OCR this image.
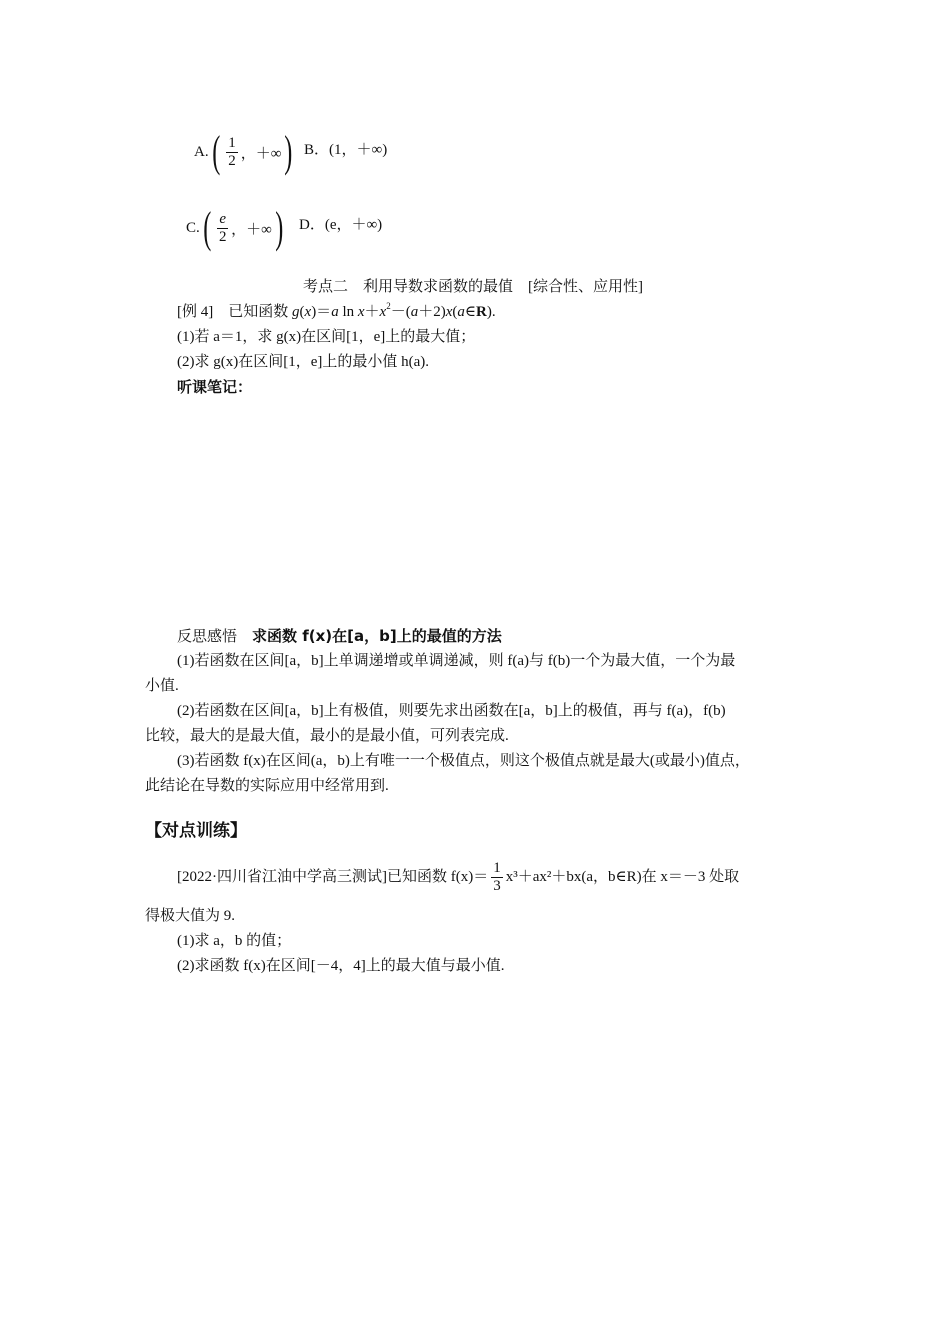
A. ( $\frac{1}{2}$ ，＋∞ ) B．(1，＋∞)
C. ( $\frac{e}{2}$ ，＋∞ ) D．(e，＋∞)
考点二　利用导数求函数的最值　[综合性、应用性]
[例 4]  已知函数 g(x)＝a $\ln x+x^2-(a+2)x(a\in R)$.
(1)若 a＝1，求 g(x)在区间[1，e]上的最大值；
(2)求 g(x)在区间[1，e]上的最小值 h(a).
听课笔记：
反思感悟  求函数 f(x)在[a，b]上的最值的方法
(1)若函数在区间[a，b]上单调递增或单调递减，则 f(a)与 f(b)一个为最大值，一个为最
小值.
(2)若函数在区间[a，b]上有极值，则要先求出函数在[a，b]上的极值，再与 f(a)，f(b)
比较，最大的是最大值，最小的是最小值，可列表完成.
(3)若函数 f(x)在区间(a，b)上有唯一一个极值点，则这个极值点就是最大(或最小)值点，
此结论在导数的实际应用中经常用到.
【对点训练】
[2022·四川省江油中学高三测试]已知函数 $f(x)= \frac{1}{3} x^3+ax^2+bx(a$，b∈R)在 x＝－3 处取
得极大值为 9.
(1)求 a，b 的值；
(2)求函数 f(x)在区间[－4，4]上的最大值与最小值.
